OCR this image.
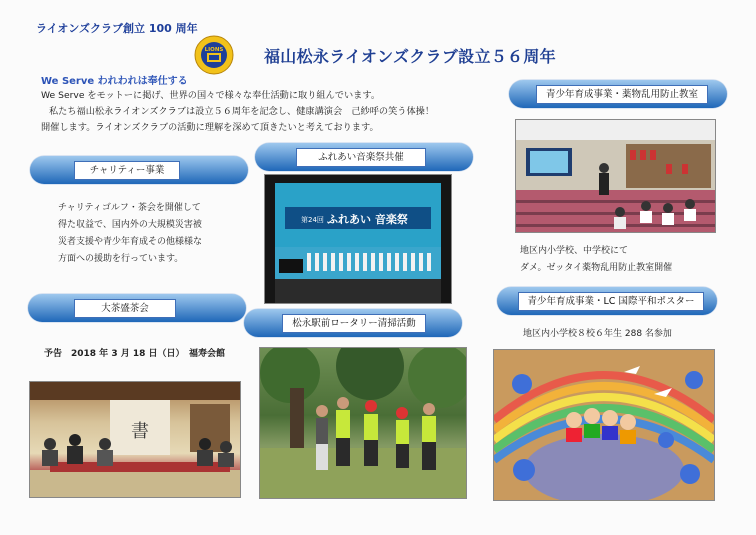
ライオンズクラブ創立 100 周年
LIONS	福山松永ライオンズクラブ設立５６周年
We Serve われわれは奉仕する
We Serve をモットーに掲げ、世界の国々で様々な奉仕活動に取り組んでいます。
私たち福山松永ライオンズクラブは設立５６周年を記念し、健康講演会　己紗呼の笑う体操！
開催します。ライオンズクラブの活動に理解を深めて頂きたいと考えております。
チャリティー事業
チャリティゴルフ・茶会を開催して
得た収益で、国内外の大規模災害被
災者支援や青少年育成その他様様な
方面への援助を行っています。
大茶盛茶会
予告　2018 年 3 月 18 日（日）　福寿会館
書
ふれあい音楽祭共催
第24回 ふれあい 音楽祭
松永駅前ロータリー清掃活動
青少年育成事業・薬物乱用防止教室
地区内小学校、中学校にて
ダメ。ゼッタイ薬物乱用防止教室開催
青少年育成事業・LC 国際平和ポスター
地区内小学校８校６年生 288 名参加
